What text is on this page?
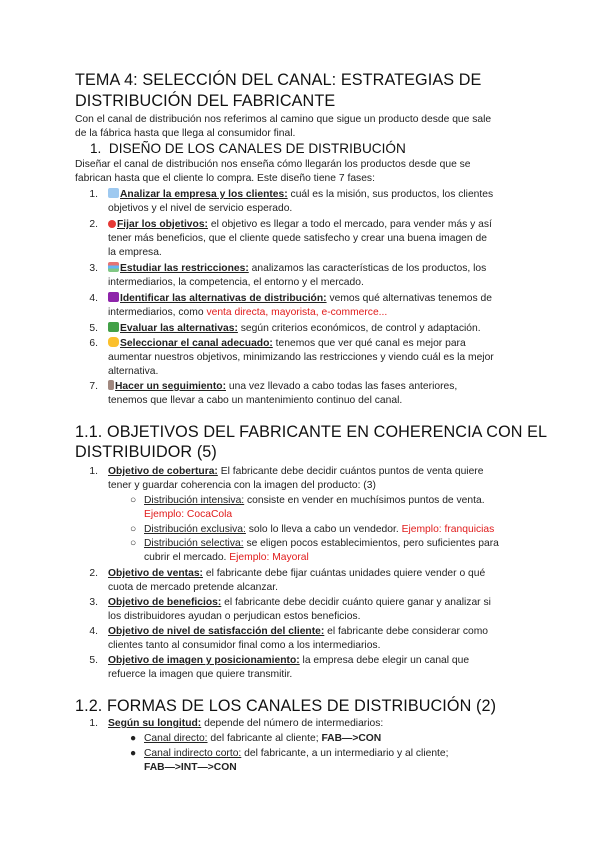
TEMA 4: SELECCIÓN DEL CANAL: ESTRATEGIAS DE
DISTRIBUCIÓN DEL FABRICANTE
Con el canal de distribución nos referimos al camino que sigue un producto desde que sale
de la fábrica hasta que llega al consumidor final.
1. DISEÑO DE LOS CANALES DE DISTRIBUCIÓN
Diseñar el canal de distribución nos enseña cómo llegarán los productos desde que se
fabrican hasta que el cliente lo compra. Este diseño tiene 7 fases:
1.	Analizar la empresa y los clientes: cuál es la misión, sus productos, los clientes
objetivos y el nivel de servicio esperado.
2.	Fijar los objetivos: el objetivo es llegar a todo el mercado, para vender más y así
tener más beneficios, que el cliente quede satisfecho y crear una buena imagen de
la empresa.
3.	Estudiar las restricciones: analizamos las características de los productos, los
intermediarios, la competencia, el entorno y el mercado.
4.	Identificar las alternativas de distribución: vemos qué alternativas tenemos de
intermediarios, como venta directa, mayorista, e-commerce...
5.	Evaluar las alternativas: según criterios económicos, de control y adaptación.
6.	Seleccionar el canal adecuado: tenemos que ver qué canal es mejor para
aumentar nuestros objetivos, minimizando las restricciones y viendo cuál es la mejor
alternativa.
7.	Hacer un seguimiento: una vez llevado a cabo todas las fases anteriores,
tenemos que llevar a cabo un mantenimiento continuo del canal.
1.1. OBJETIVOS DEL FABRICANTE EN COHERENCIA CON EL
DISTRIBUIDOR (5)
1. Objetivo de cobertura: El fabricante debe decidir cuántos puntos de venta quiere
tener y guardar coherencia con la imagen del producto: (3)
○ Distribución intensiva: consiste en vender en muchísimos puntos de venta.
Ejemplo: CocaCola
○ Distribución exclusiva: solo lo lleva a cabo un vendedor. Ejemplo: franquicias
○ Distribución selectiva: se eligen pocos establecimientos, pero suficientes para
cubrir el mercado. Ejemplo: Mayoral
2. Objetivo de ventas: el fabricante debe fijar cuántas unidades quiere vender o qué
cuota de mercado pretende alcanzar.
3. Objetivo de beneficios: el fabricante debe decidir cuánto quiere ganar y analizar si
los distribuidores ayudan o perjudican estos beneficios.
4. Objetivo de nivel de satisfacción del cliente: el fabricante debe considerar como
clientes tanto al consumidor final como a los intermediarios.
5. Objetivo de imagen y posicionamiento: la empresa debe elegir un canal que
refuerce la imagen que quiere transmitir.
1.2. FORMAS DE LOS CANALES DE DISTRIBUCIÓN (2)
1. Según su longitud: depende del número de intermediarios:
● Canal directo: del fabricante al cliente; FAB—>CON
● Canal indirecto corto: del fabricante, a un intermediario y al cliente;
FAB—>INT—>CON
